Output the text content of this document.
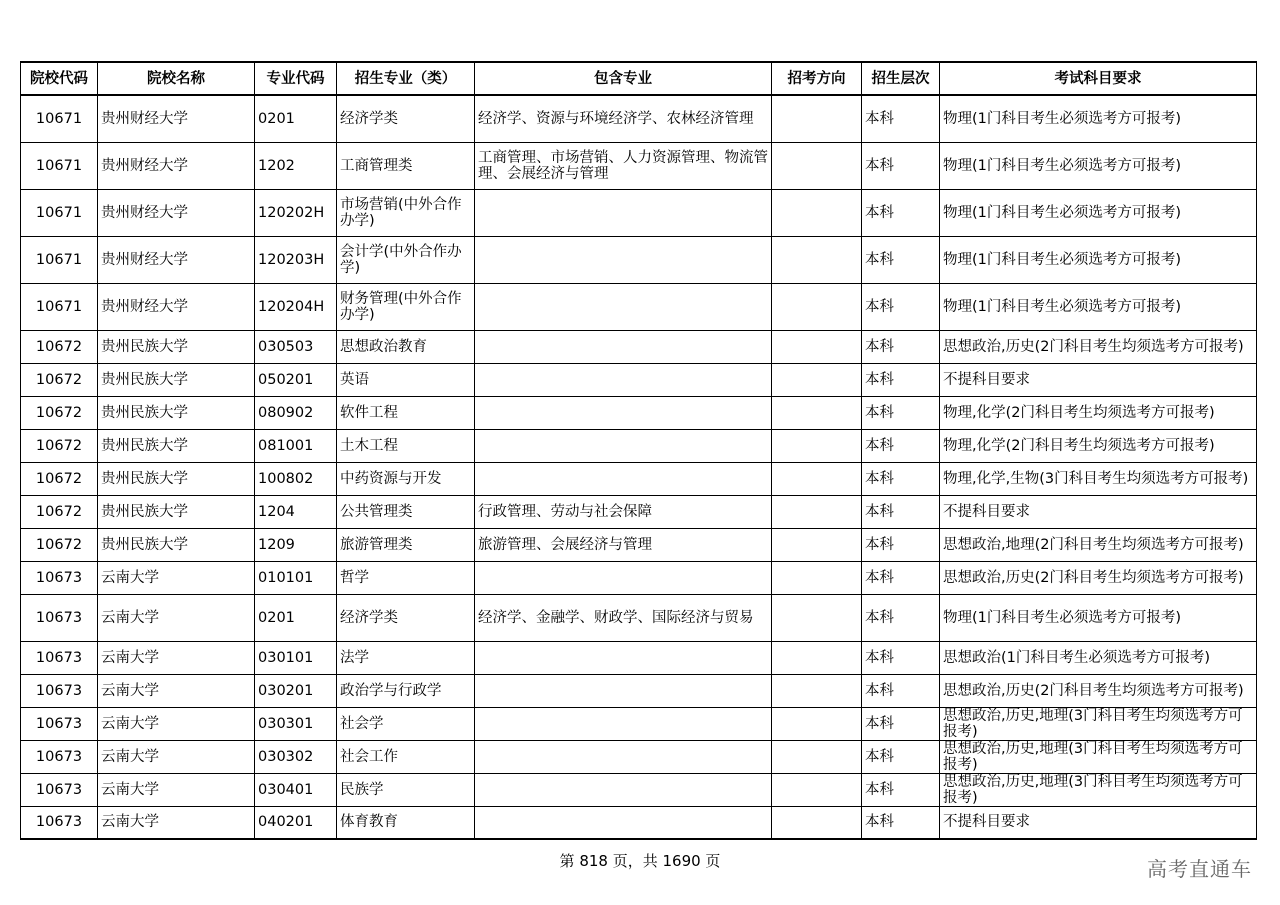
院校代码	院校名称	专业代码	招生专业（类）	包含专业	招考方向	招生层次	考试科目要求
10671	贵州财经大学	0201	经济学类	经济学、资源与环境经济学、农林经济管理		本科	物理(1门科目考生必须选考方可报考)
10671	贵州财经大学	1202	工商管理类	工商管理、市场营销、人力资源管理、物流管理、会展经济与管理		本科	物理(1门科目考生必须选考方可报考)
10671	贵州财经大学	120202H	市场营销(中外合作办学)			本科	物理(1门科目考生必须选考方可报考)
10671	贵州财经大学	120203H	会计学(中外合作办学)			本科	物理(1门科目考生必须选考方可报考)
10671	贵州财经大学	120204H	财务管理(中外合作办学)			本科	物理(1门科目考生必须选考方可报考)
10672	贵州民族大学	030503	思想政治教育			本科	思想政治,历史(2门科目考生均须选考方可报考)
10672	贵州民族大学	050201	英语			本科	不提科目要求
10672	贵州民族大学	080902	软件工程			本科	物理,化学(2门科目考生均须选考方可报考)
10672	贵州民族大学	081001	土木工程			本科	物理,化学(2门科目考生均须选考方可报考)
10672	贵州民族大学	100802	中药资源与开发			本科	物理,化学,生物(3门科目考生均须选考方可报考)
10672	贵州民族大学	1204	公共管理类	行政管理、劳动与社会保障		本科	不提科目要求
10672	贵州民族大学	1209	旅游管理类	旅游管理、会展经济与管理		本科	思想政治,地理(2门科目考生均须选考方可报考)
10673	云南大学	010101	哲学			本科	思想政治,历史(2门科目考生均须选考方可报考)
10673	云南大学	0201	经济学类	经济学、金融学、财政学、国际经济与贸易		本科	物理(1门科目考生必须选考方可报考)
10673	云南大学	030101	法学			本科	思想政治(1门科目考生必须选考方可报考)
10673	云南大学	030201	政治学与行政学			本科	思想政治,历史(2门科目考生均须选考方可报考)
10673	云南大学	030301	社会学			本科	思想政治,历史,地理(3门科目考生均须选考方可报考)
10673	云南大学	030302	社会工作			本科	思想政治,历史,地理(3门科目考生均须选考方可报考)
10673	云南大学	030401	民族学			本科	思想政治,历史,地理(3门科目考生均须选考方可报考)
10673	云南大学	040201	体育教育			本科	不提科目要求
第 818 页，共 1690 页	高考直通车
